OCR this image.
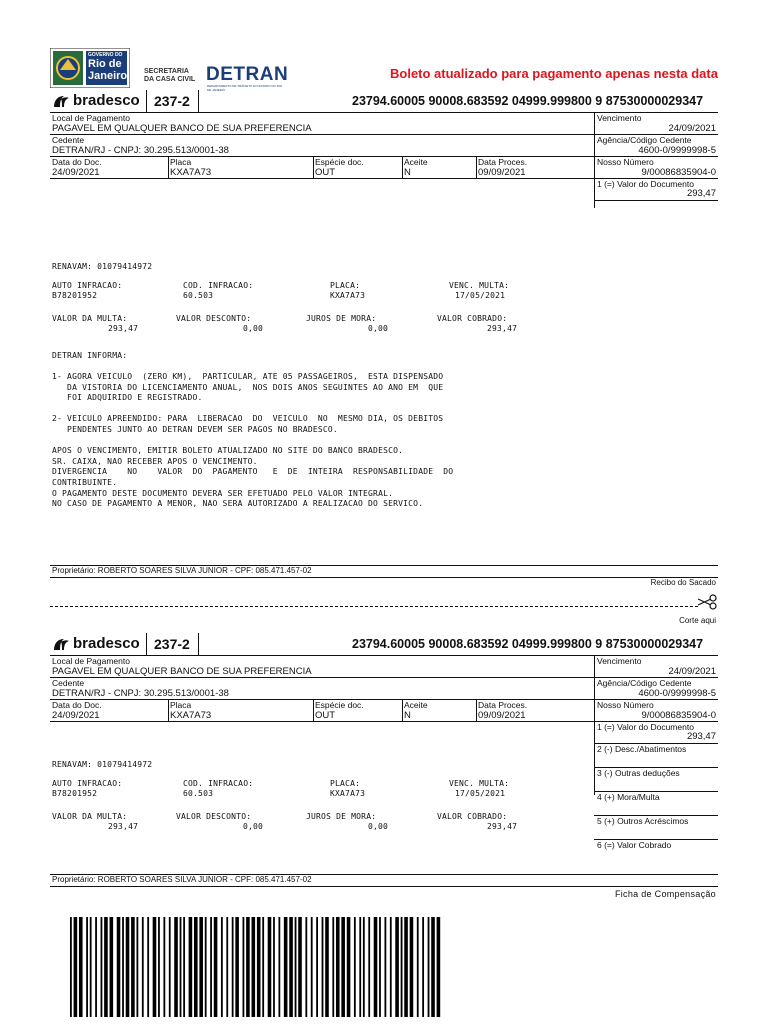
GOVERNO DO
Rio de
Janeiro SECRETARIA
DA CASA CIVIL DETRAN
DEPARTAMENTO DE TRÂNSITO DO ESTADO DO RIO DE JANEIRO
Boleto atualizado para pagamento apenas nesta data
bradesco 237-2	23794.60005 90008.683592 04999.999800 9 87530000029347
Local de Pagamento
PAGAVEL EM QUALQUER BANCO DE SUA PREFERENCIA
Vencimento
24/09/2021
Cedente
DETRAN/RJ - CNPJ: 30.295.513/0001-38
Agência/Código Cedente
4600-0/9999998-5
Data do Doc.
24/09/2021
Placa
KXA7A73
Espécie doc.
OUT
Aceite
N
Data Proces.
09/09/2021
Nosso Número
9/00086835904-0
1 (=) Valor do Documento
293,47
RENAVAM: 01079414972
AUTO INFRACAO:	COD. INFRACAO:	PLACA:	VENC. MULTA:
B78201952	60.503	KXA7A73	17/05/2021
VALOR DA MULTA:	VALOR DESCONTO:	JUROS DE MORA:	VALOR COBRADO:
293,47	0,00	0,00	293,47
DETRAN INFORMA:
1- AGORA VEICULO  (ZERO KM),  PARTICULAR, ATE 05 PASSAGEIROS,  ESTA DISPENSADO
DA VISTORIA DO LICENCIAMENTO ANUAL,  NOS DOIS ANOS SEGUINTES AO ANO EM  QUE
FOI ADQUIRIDO E REGISTRADO.
2- VEICULO APREENDIDO: PARA  LIBERACAO  DO  VEICULO  NO  MESMO DIA, OS DEBITOS
PENDENTES JUNTO AO DETRAN DEVEM SER PAGOS NO BRADESCO.
APOS O VENCIMENTO, EMITIR BOLETO ATUALIZADO NO SITE DO BANCO BRADESCO.
SR. CAIXA, NAO RECEBER APOS O VENCIMENTO.
DIVERGENCIA    NO    VALOR  DO  PAGAMENTO   E  DE  INTEIRA  RESPONSABILIDADE  DO
CONTRIBUINTE.
O PAGAMENTO DESTE DOCUMENTO DEVERA SER EFETUADO PELO VALOR INTEGRAL.
NO CASO DE PAGAMENTO A MENOR, NAO SERA AUTORIZADO A REALIZACAO DO SERVICO.
bradesco 237-2	23794.60005 90008.683592 04999.999800 9 87530000029347
Local de Pagamento
PAGAVEL EM QUALQUER BANCO DE SUA PREFERENCIA
Vencimento
24/09/2021
Cedente
DETRAN/RJ - CNPJ: 30.295.513/0001-38
Agência/Código Cedente
4600-0/9999998-5
Data do Doc.
24/09/2021
Placa
KXA7A73
Espécie doc.
OUT
Aceite
N
Data Proces.
09/09/2021
Nosso Número
9/00086835904-0
1 (=) Valor do Documento
293,47
2 (-) Desc./Abatimentos
3 (-) Outras deduções
4 (+) Mora/Multa
5 (+) Outros Acréscimos
6 (=) Valor Cobrado
RENAVAM: 01079414972
AUTO INFRACAO:	COD. INFRACAO:	PLACA:	VENC. MULTA:
B78201952	60.503	KXA7A73	17/05/2021
VALOR DA MULTA:	VALOR DESCONTO:	JUROS DE MORA:	VALOR COBRADO:
293,47	0,00	0,00	293,47
Proprietário: ROBERTO SOARES SILVA JUNIOR - CPF: 085.471.457-02
Proprietário: ROBERTO SOARES SILVA JUNIOR - CPF: 085.471.457-02
Recibo do Sacado
Corte aqui
Ficha de Compensação
